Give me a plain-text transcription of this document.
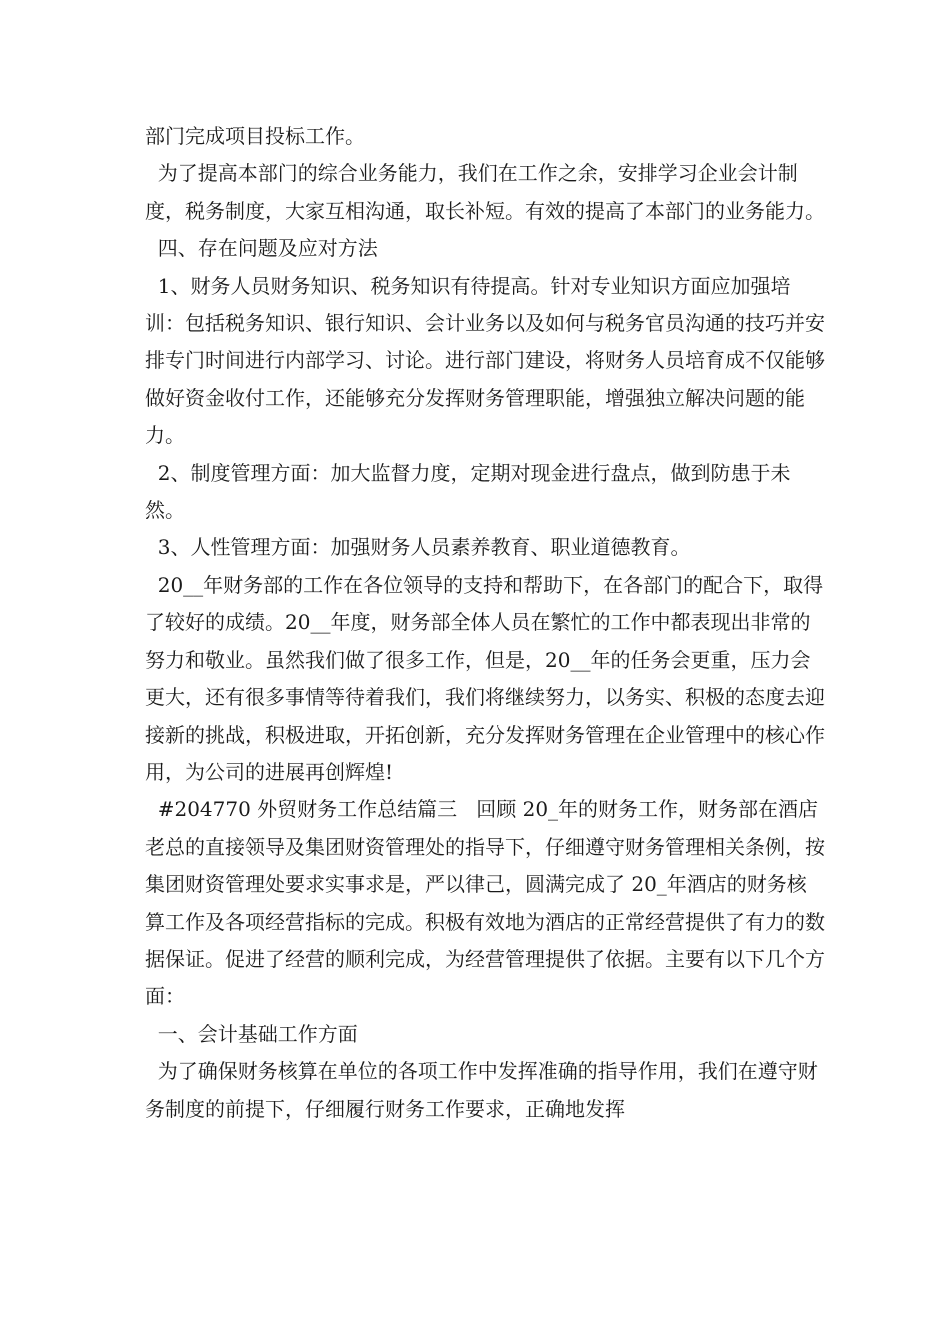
部门完成项目投标工作。

为了提高本部门的综合业务能力，我们在工作之余，安排学习企业会计制度，税务制度，大家互相沟通，取长补短。有效的提高了本部门的业务能力。

四、存在问题及应对方法

1、财务人员财务知识、税务知识有待提高。针对专业知识方面应加强培训：包括税务知识、银行知识、会计业务以及如何与税务官员沟通的技巧并安排专门时间进行内部学习、讨论。进行部门建设，将财务人员培育成不仅能够做好资金收付工作，还能够充分发挥财务管理职能，增强独立解决问题的能力。

2、制度管理方面：加大监督力度，定期对现金进行盘点，做到防患于未然。

3、人性管理方面：加强财务人员素养教育、职业道德教育。

20__年财务部的工作在各位领导的支持和帮助下，在各部门的配合下，取得了较好的成绩。20__年度，财务部全体人员在繁忙的工作中都表现出非常的努力和敬业。虽然我们做了很多工作，但是，20__年的任务会更重，压力会更大，还有很多事情等待着我们，我们将继续努力，以务实、积极的态度去迎接新的挑战，积极进取，开拓创新，充分发挥财务管理在企业管理中的核心作用，为公司的进展再创辉煌!

#204770 外贸财务工作总结篇三   回顾 20_年的财务工作，财务部在酒店老总的直接领导及集团财资管理处的指导下，仔细遵守财务管理相关条例，按集团财资管理处要求实事求是，严以律己，圆满完成了 20_年酒店的财务核算工作及各项经营指标的完成。积极有效地为酒店的正常经营提供了有力的数据保证。促进了经营的顺利完成，为经营管理提供了依据。主要有以下几个方面：

一、会计基础工作方面

为了确保财务核算在单位的各项工作中发挥准确的指导作用，我们在遵守财务制度的前提下，仔细履行财务工作要求，正确地发挥
